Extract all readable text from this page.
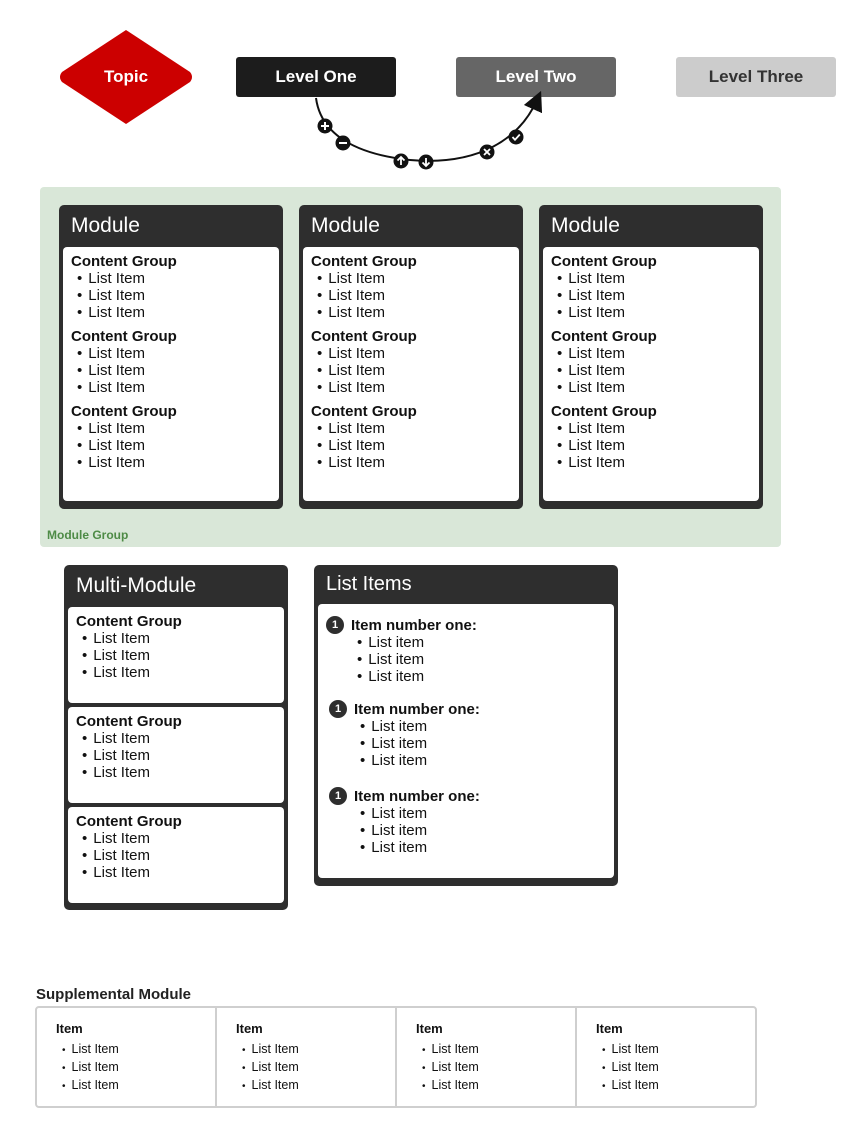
Topic	Level One	Level Two	Level Three
Module Group
Module
Content Group
• List Item
• List Item
• List Item
Content Group
• List Item
• List Item
• List Item
Content Group
• List Item
• List Item
• List Item
Module
Content Group
• List Item
• List Item
• List Item
Content Group
• List Item
• List Item
• List Item
Content Group
• List Item
• List Item
• List Item
Module
Content Group
• List Item
• List Item
• List Item
Content Group
• List Item
• List Item
• List Item
Content Group
• List Item
• List Item
• List Item
Multi-Module
Content Group
• List Item
• List Item
• List Item
Content Group
• List Item
• List Item
• List Item
Content Group
• List Item
• List Item
• List Item
List Items
1 Item number one:
• List item
• List item
• List item
1 Item number one:
• List item
• List item
• List item
1 Item number one:
• List item
• List item
• List item
Supplemental Module
Item
• List Item
• List Item
• List Item
Item
• List Item
• List Item
• List Item
Item
• List Item
• List Item
• List Item
Item
• List Item
• List Item
• List Item
